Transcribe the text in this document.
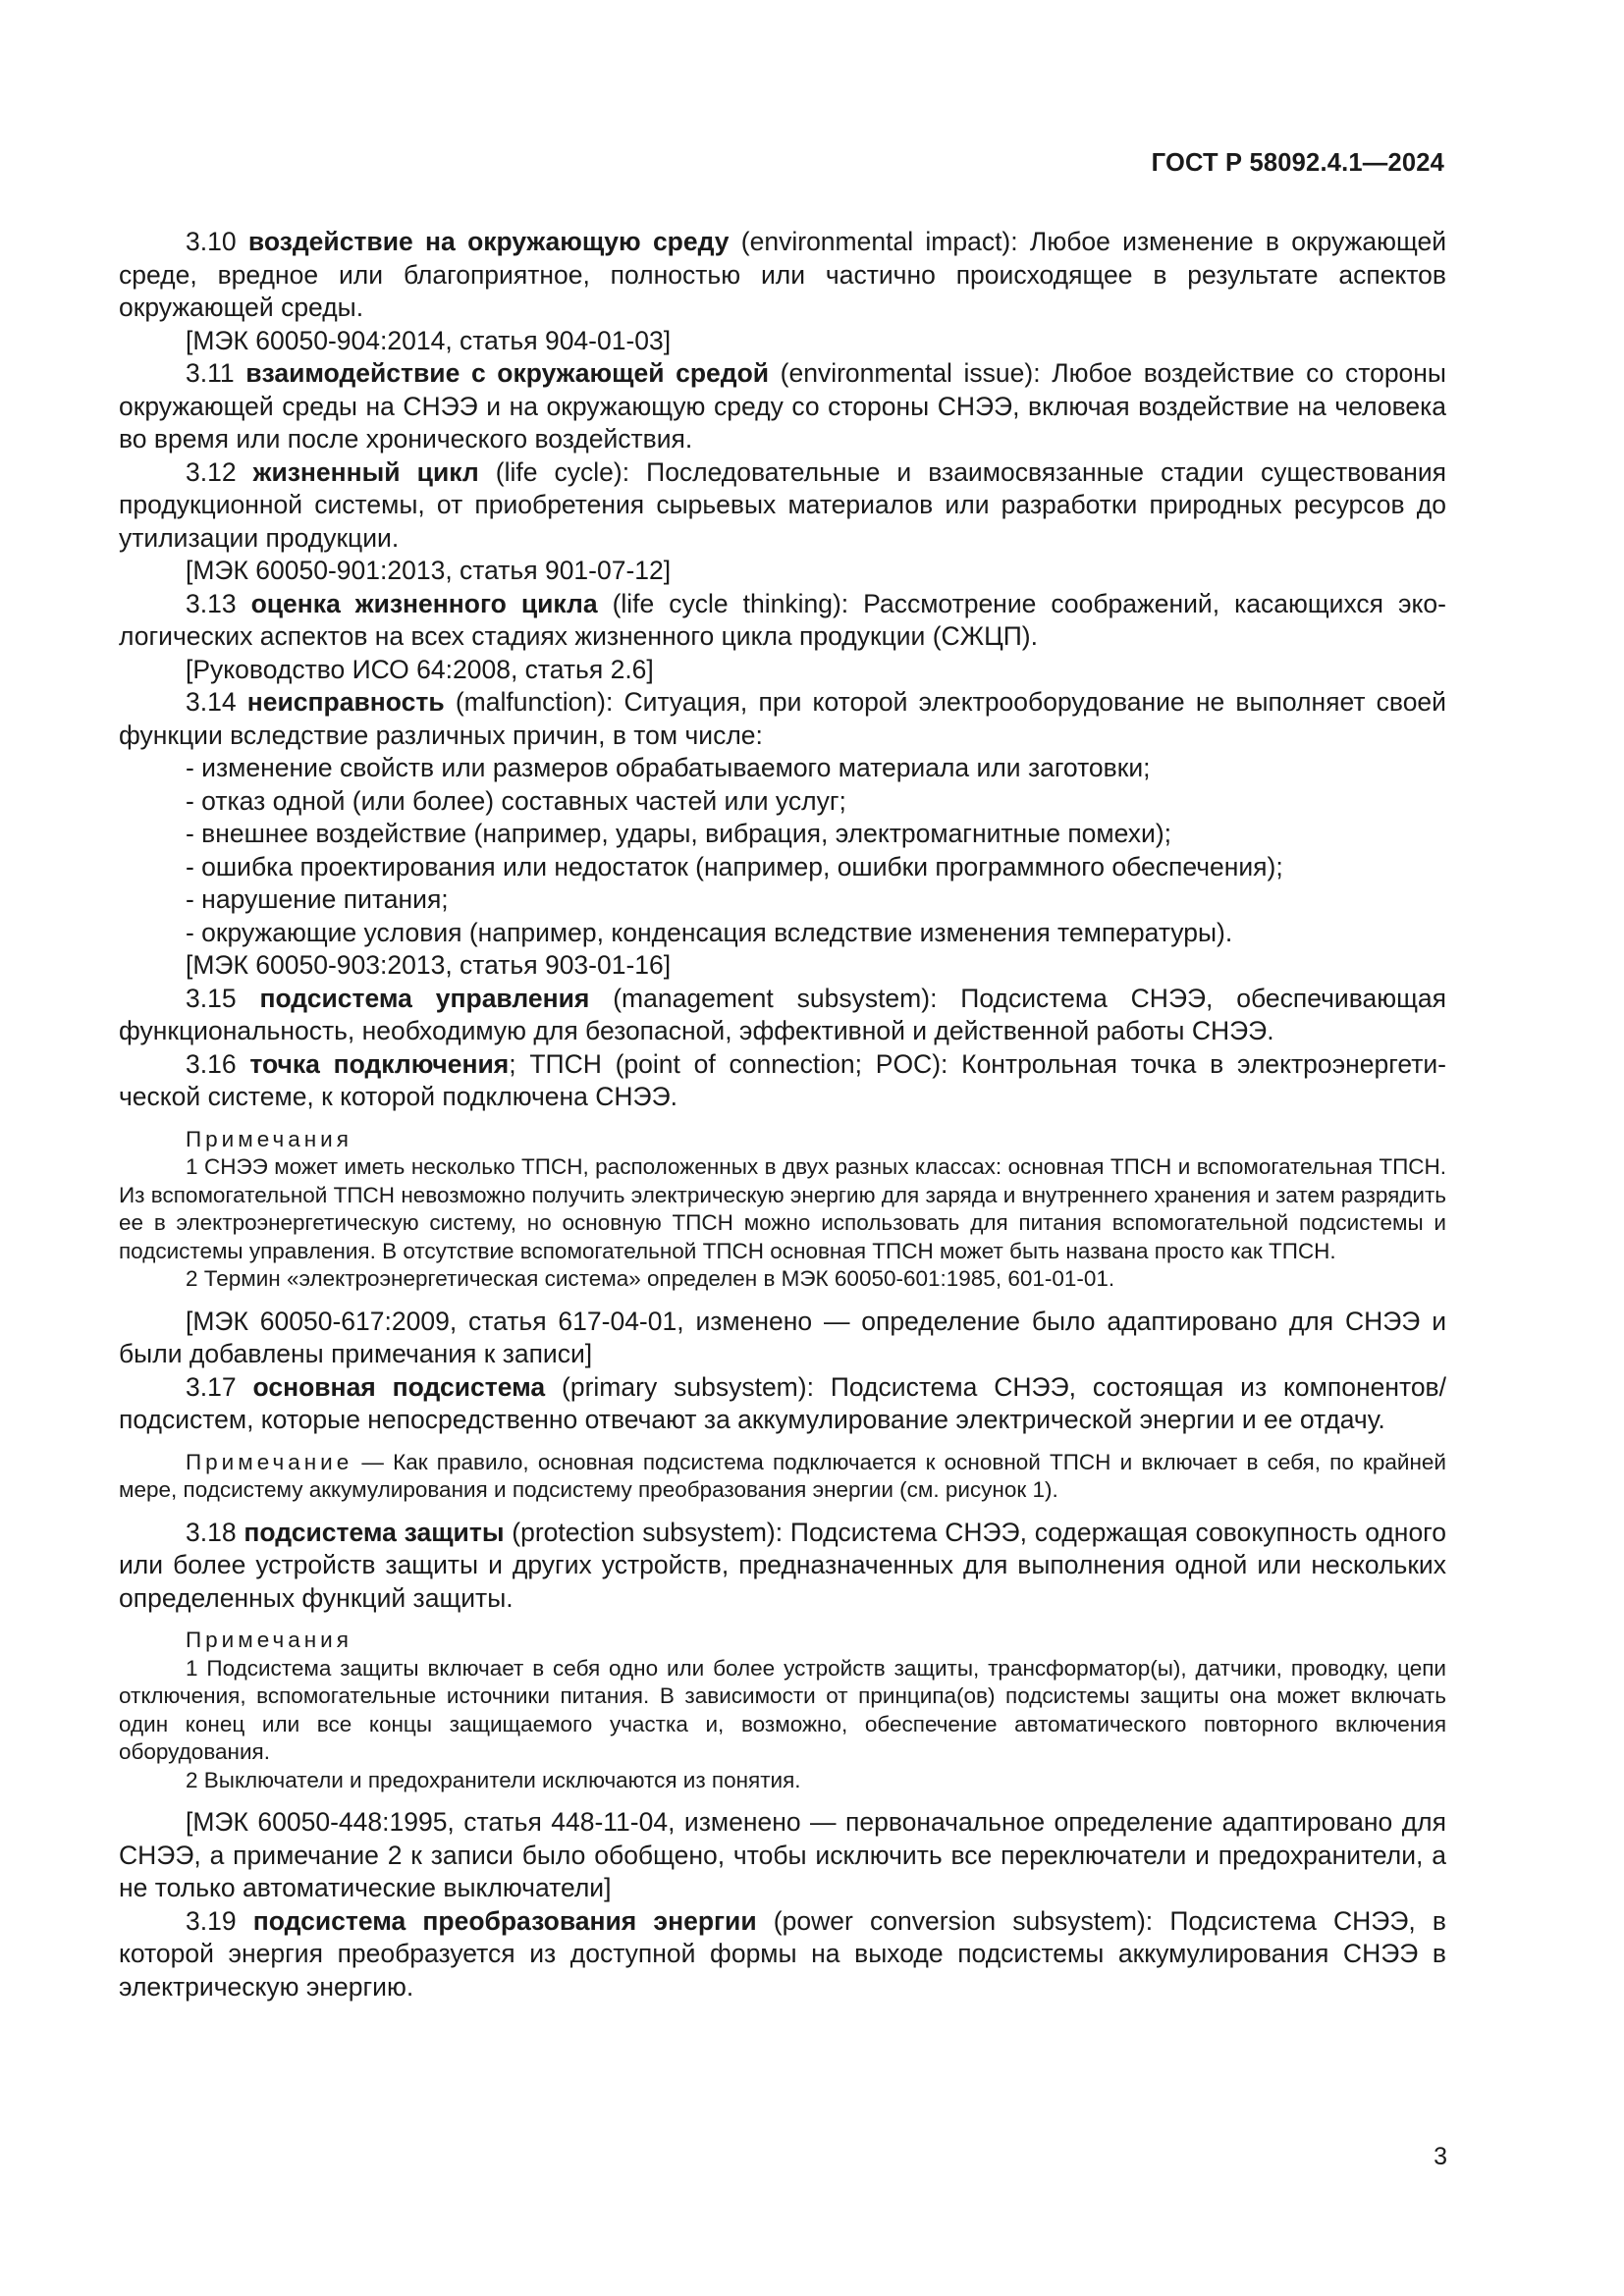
ГОСТ Р 58092.4.1—2024
3.10 воздействие на окружающую среду (environmental impact): Любое изменение в окружающей среде, вредное или благоприятное, полностью или частично происходящее в результате аспектов окружающей среды.
[МЭК 60050-904:2014, статья 904-01-03]
3.11 взаимодействие с окружающей средой (environmental issue): Любое воздействие со стороны окружающей среды на СНЭЭ и на окружающую среду со стороны СНЭЭ, включая воздействие на человека во время или после хронического воздействия.
3.12 жизненный цикл (life cycle): Последовательные и взаимосвязанные стадии существования продукционной системы, от приобретения сырьевых материалов или разработки природных ресурсов до утилизации продукции.
[МЭК 60050-901:2013, статья 901-07-12]
3.13 оценка жизненного цикла (life cycle thinking): Рассмотрение соображений, касающихся экологических аспектов на всех стадиях жизненного цикла продукции (СЖЦП).
[Руководство ИСО 64:2008, статья 2.6]
3.14 неисправность (malfunction): Ситуация, при которой электрооборудование не выполняет своей функции вследствие различных причин, в том числе:
- изменение свойств или размеров обрабатываемого материала или заготовки;
- отказ одной (или более) составных частей или услуг;
- внешнее воздействие (например, удары, вибрация, электромагнитные помехи);
- ошибка проектирования или недостаток (например, ошибки программного обеспечения);
- нарушение питания;
- окружающие условия (например, конденсация вследствие изменения температуры).
[МЭК 60050-903:2013, статья 903-01-16]
3.15 подсистема управления (management subsystem): Подсистема СНЭЭ, обеспечивающая функциональность, необходимую для безопасной, эффективной и действенной работы СНЭЭ.
3.16 точка подключения; ТПСН (point of connection; POC): Контрольная точка в электроэнергетической системе, к которой подключена СНЭЭ.
Примечания
1 СНЭЭ может иметь несколько ТПСН, расположенных в двух разных классах: основная ТПСН и вспомогательная ТПСН. Из вспомогательной ТПСН невозможно получить электрическую энергию для заряда и внутреннего хранения и затем разрядить ее в электроэнергетическую систему, но основную ТПСН можно использовать для питания вспомогательной подсистемы и подсистемы управления. В отсутствие вспомогательной ТПСН основная ТПСН может быть названа просто как ТПСН.
2 Термин «электроэнергетическая система» определен в МЭК 60050-601:1985, 601-01-01.
[МЭК 60050-617:2009, статья 617-04-01, изменено — определение было адаптировано для СНЭЭ и были добавлены примечания к записи]
3.17 основная подсистема (primary subsystem): Подсистема СНЭЭ, состоящая из компонентов/подсистем, которые непосредственно отвечают за аккумулирование электрической энергии и ее отдачу.
Примечание — Как правило, основная подсистема подключается к основной ТПСН и включает в себя, по крайней мере, подсистему аккумулирования и подсистему преобразования энергии (см. рисунок 1).
3.18 подсистема защиты (protection subsystem): Подсистема СНЭЭ, содержащая совокупность одного или более устройств защиты и других устройств, предназначенных для выполнения одной или нескольких определенных функций защиты.
Примечания
1 Подсистема защиты включает в себя одно или более устройств защиты, трансформатор(ы), датчики, проводку, цепи отключения, вспомогательные источники питания. В зависимости от принципа(ов) подсистемы защиты она может включать один конец или все концы защищаемого участка и, возможно, обеспечение автоматического повторного включения оборудования.
2 Выключатели и предохранители исключаются из понятия.
[МЭК 60050-448:1995, статья 448-11-04, изменено — первоначальное определение адаптировано для СНЭЭ, а примечание 2 к записи было обобщено, чтобы исключить все переключатели и предохранители, а не только автоматические выключатели]
3.19 подсистема преобразования энергии (power conversion subsystem): Подсистема СНЭЭ, в которой энергия преобразуется из доступной формы на выходе подсистемы аккумулирования СНЭЭ в электрическую энергию.
3
